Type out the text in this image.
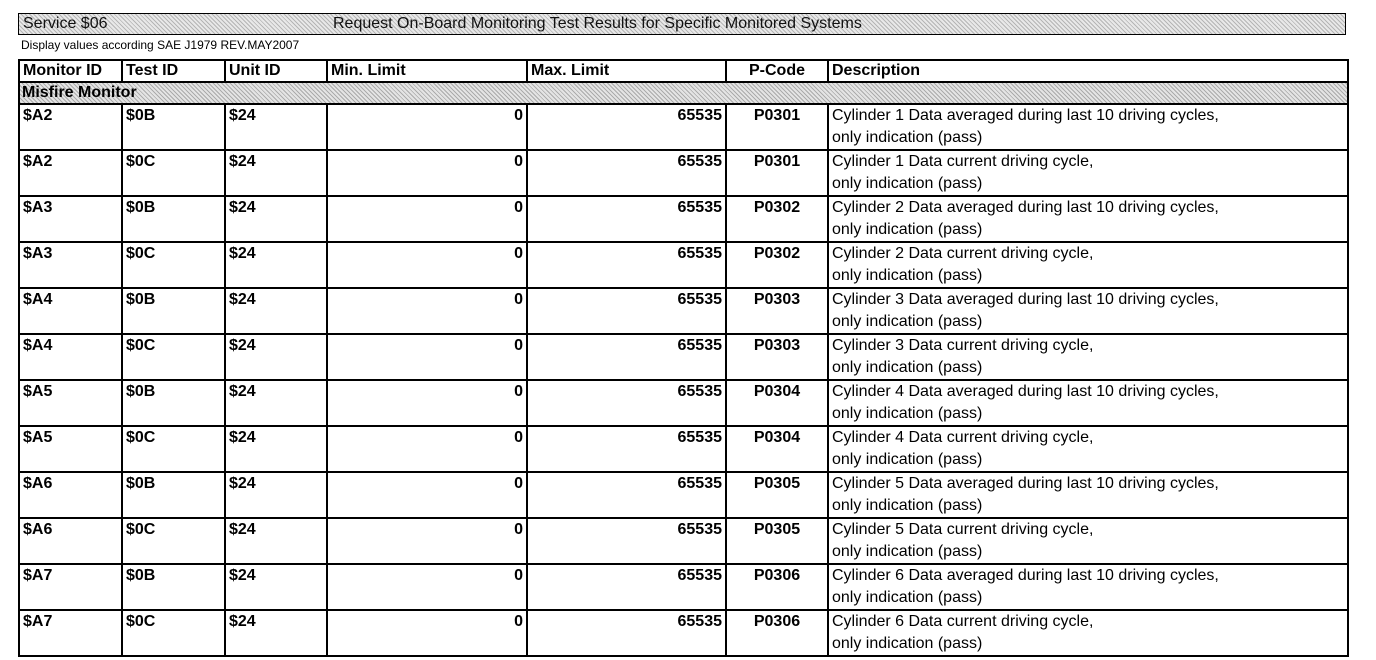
Service $06	Request On-Board Monitoring Test Results for Specific Monitored Systems
Display values according SAE J1979 REV.MAY2007
Monitor ID	Test ID	Unit ID	Min. Limit	Max. Limit	P-Code	Description
Misfire Monitor						
$A2	$0B	$24	0	65535	P0301	Cylinder 1 Data averaged during last 10 driving cycles,
only indication (pass)

$A2	$0C	$24	0	65535	P0301	Cylinder 1 Data current driving cycle,
only indication (pass)

$A3	$0B	$24	0	65535	P0302	Cylinder 2 Data averaged during last 10 driving cycles,
only indication (pass)

$A3	$0C	$24	0	65535	P0302	Cylinder 2 Data current driving cycle,
only indication (pass)

$A4	$0B	$24	0	65535	P0303	Cylinder 3 Data averaged during last 10 driving cycles,
only indication (pass)

$A4	$0C	$24	0	65535	P0303	Cylinder 3 Data current driving cycle,
only indication (pass)

$A5	$0B	$24	0	65535	P0304	Cylinder 4 Data averaged during last 10 driving cycles,
only indication (pass)

$A5	$0C	$24	0	65535	P0304	Cylinder 4 Data current driving cycle,
only indication (pass)

$A6	$0B	$24	0	65535	P0305	Cylinder 5 Data averaged during last 10 driving cycles,
only indication (pass)

$A6	$0C	$24	0	65535	P0305	Cylinder 5 Data current driving cycle,
only indication (pass)

$A7	$0B	$24	0	65535	P0306	Cylinder 6 Data averaged during last 10 driving cycles,
only indication (pass)

$A7	$0C	$24	0	65535	P0306	Cylinder 6 Data current driving cycle,
only indication (pass)
